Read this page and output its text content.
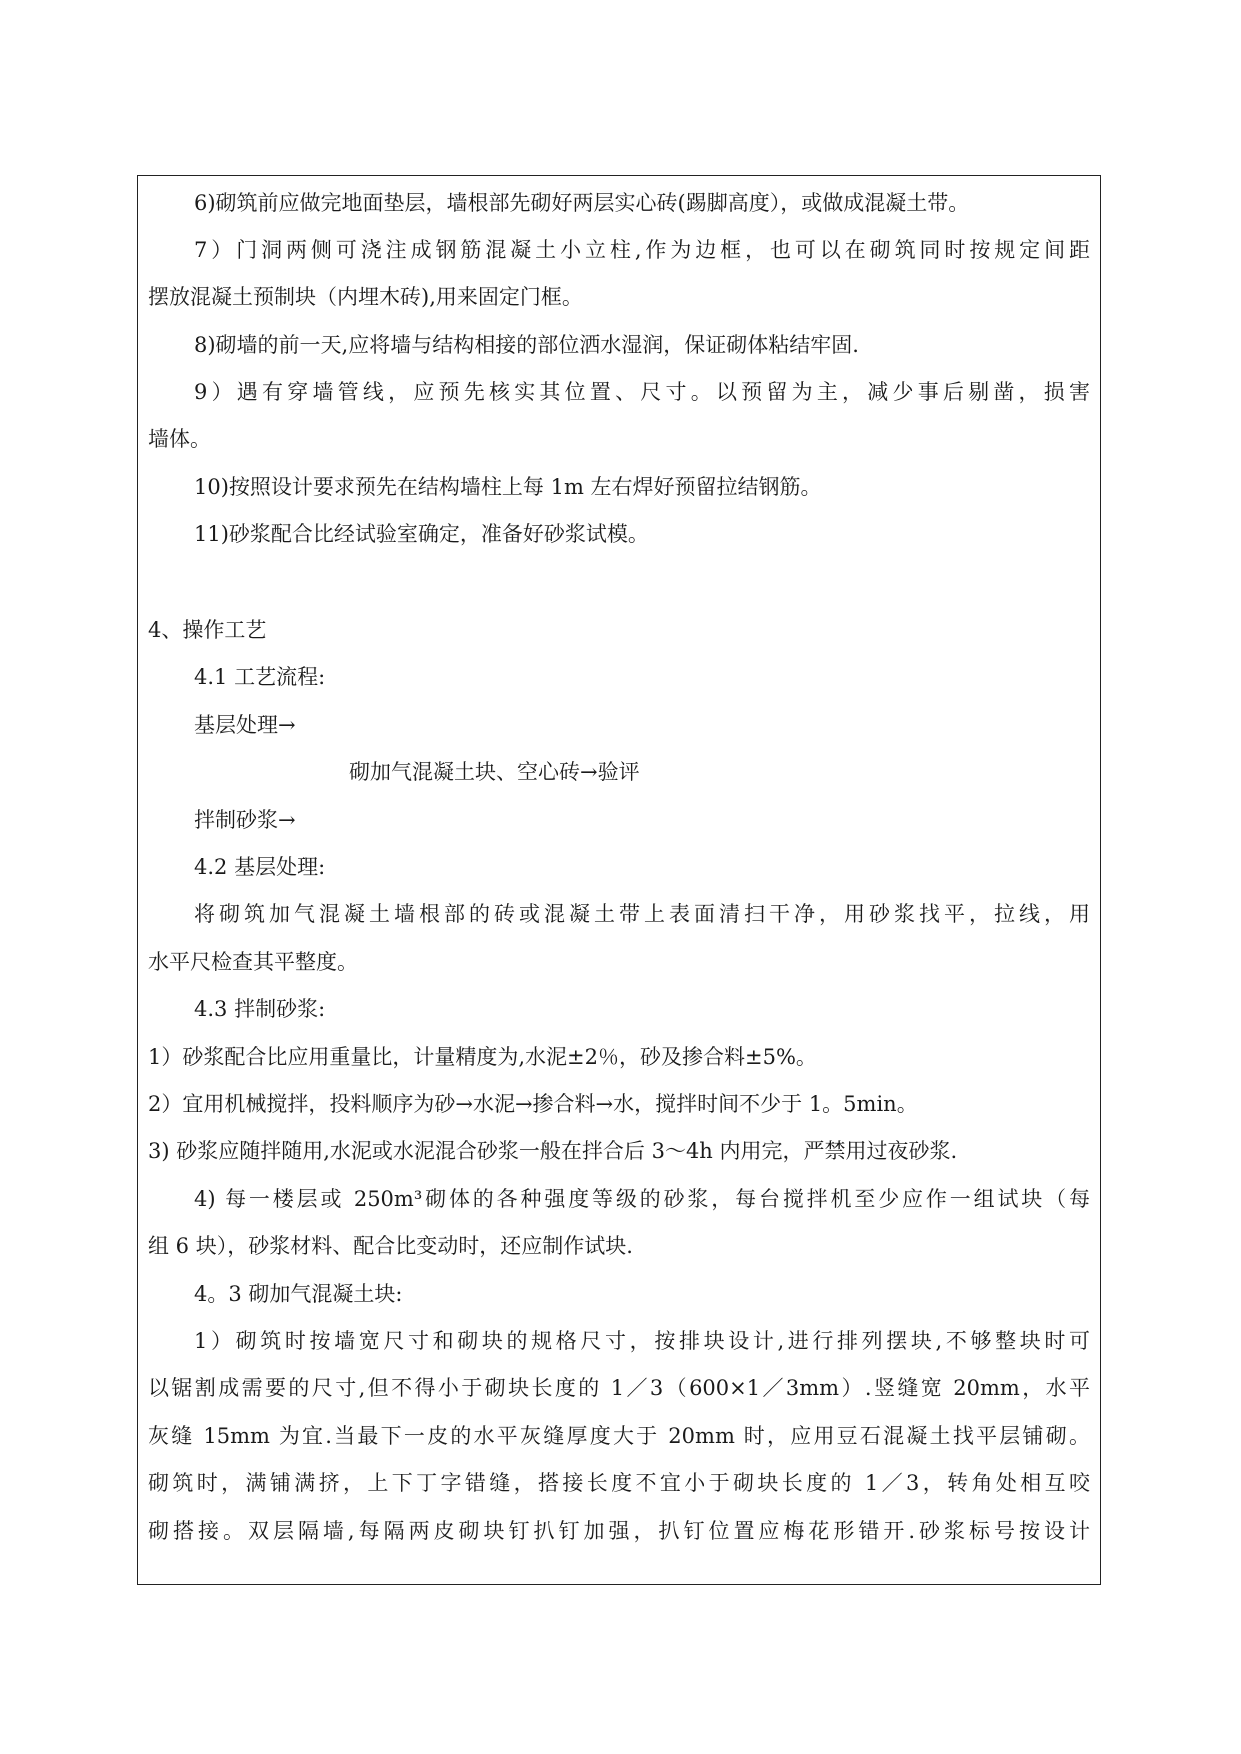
6)砌筑前应做完地面垫层，墙根部先砌好两层实心砖(踢脚高度），或做成混凝土带。
7）门洞两侧可浇注成钢筋混凝土小立柱,作为边框，也可以在砌筑同时按规定间距
摆放混凝土预制块（内埋木砖),用来固定门框。
8)砌墙的前一天,应将墙与结构相接的部位洒水湿润，保证砌体粘结牢固.
9）遇有穿墙管线，应预先核实其位置、尺寸。以预留为主，减少事后剔凿，损害
墙体。
10)按照设计要求预先在结构墙柱上每 1m 左右焊好预留拉结钢筋。
11)砂浆配合比经试验室确定，准备好砂浆试模。
4、操作工艺
4.1 工艺流程:
基层处理→
砌加气混凝土块、空心砖→验评
拌制砂浆→
4.2 基层处理:
将砌筑加气混凝土墙根部的砖或混凝土带上表面清扫干净，用砂浆找平，拉线，用
水平尺检查其平整度。
4.3 拌制砂浆:
1）砂浆配合比应用重量比，计量精度为,水泥±2％，砂及掺合料±5%。
2）宜用机械搅拌，投料顺序为砂→水泥→掺合料→水，搅拌时间不少于 1。5min。
3) 砂浆应随拌随用,水泥或水泥混合砂浆一般在拌合后 3～4h 内用完，严禁用过夜砂浆.
4) 每一楼层或 250m³砌体的各种强度等级的砂浆，每台搅拌机至少应作一组试块（每
组 6 块），砂浆材料、配合比变动时，还应制作试块.
4。3 砌加气混凝土块:
1）砌筑时按墙宽尺寸和砌块的规格尺寸，按排块设计,进行排列摆块,不够整块时可
以锯割成需要的尺寸,但不得小于砌块长度的 1／3（600×1／3mm）.竖缝宽 20mm，水平
灰缝 15mm 为宜.当最下一皮的水平灰缝厚度大于 20mm 时，应用豆石混凝土找平层铺砌。
砌筑时，满铺满挤，上下丁字错缝，搭接长度不宜小于砌块长度的 1／3，转角处相互咬
砌搭接。双层隔墙,每隔两皮砌块钉扒钉加强，扒钉位置应梅花形错开.砂浆标号按设计
